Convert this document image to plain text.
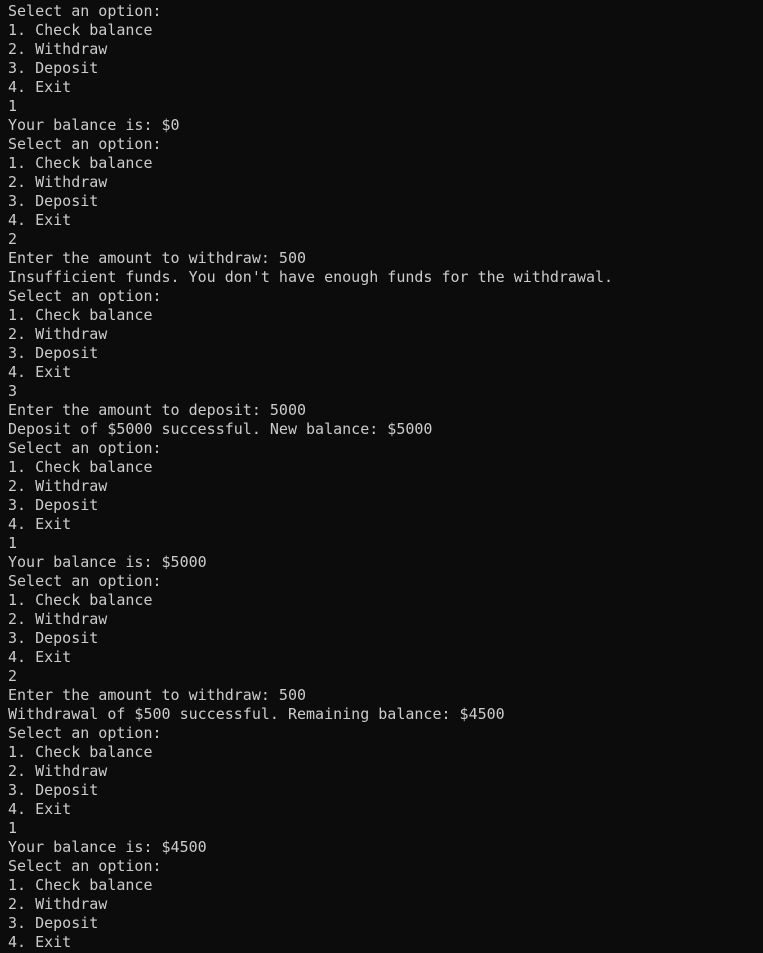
Select an option:
1. Check balance
2. Withdraw
3. Deposit
4. Exit
1
Your balance is: $0
Select an option:
1. Check balance
2. Withdraw
3. Deposit
4. Exit
2
Enter the amount to withdraw: 500
Insufficient funds. You don't have enough funds for the withdrawal.
Select an option:
1. Check balance
2. Withdraw
3. Deposit
4. Exit
3
Enter the amount to deposit: 5000
Deposit of $5000 successful. New balance: $5000
Select an option:
1. Check balance
2. Withdraw
3. Deposit
4. Exit
1
Your balance is: $5000
Select an option:
1. Check balance
2. Withdraw
3. Deposit
4. Exit
2
Enter the amount to withdraw: 500
Withdrawal of $500 successful. Remaining balance: $4500
Select an option:
1. Check balance
2. Withdraw
3. Deposit
4. Exit
1
Your balance is: $4500
Select an option:
1. Check balance
2. Withdraw
3. Deposit
4. Exit
